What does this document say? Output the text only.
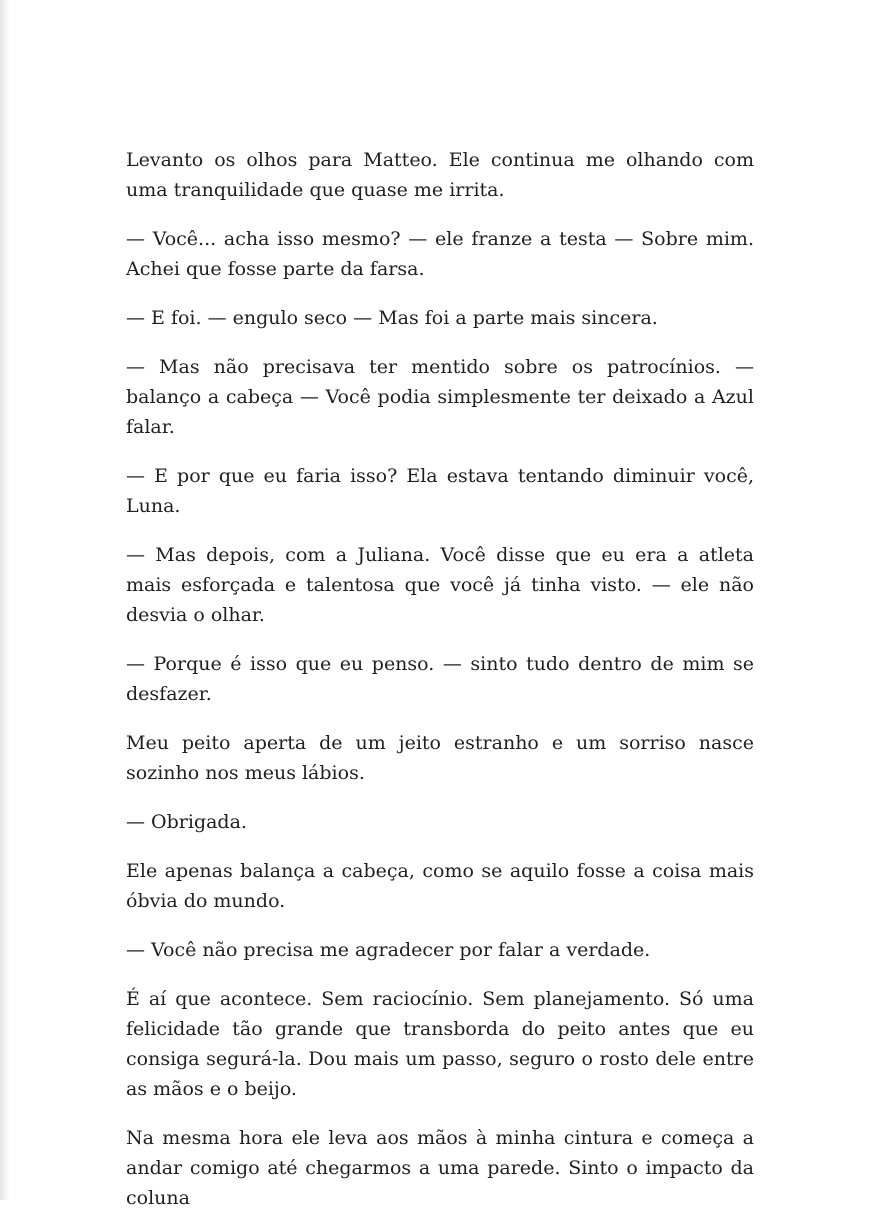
Levanto os olhos para Matteo. Ele continua me olhando com uma tranquilidade que quase me irrita.

— Você... acha isso mesmo? — ele franze a testa — Sobre mim. Achei que fosse parte da farsa.

— E foi. — engulo seco — Mas foi a parte mais sincera.

— Mas não precisava ter mentido sobre os patrocínios. — balanço a cabeça — Você podia simplesmente ter deixado a Azul falar.

— E por que eu faria isso? Ela estava tentando diminuir você, Luna.

— Mas depois, com a Juliana. Você disse que eu era a atleta mais esforçada e talentosa que você já tinha visto. — ele não desvia o olhar.

— Porque é isso que eu penso. — sinto tudo dentro de mim se desfazer.

Meu peito aperta de um jeito estranho e um sorriso nasce sozinho nos meus lábios.

— Obrigada.

Ele apenas balança a cabeça, como se aquilo fosse a coisa mais óbvia do mundo.

— Você não precisa me agradecer por falar a verdade.

É aí que acontece. Sem raciocínio. Sem planejamento. Só uma felicidade tão grande que transborda do peito antes que eu consiga segurá-la. Dou mais um passo, seguro o rosto dele entre as mãos e o beijo.

Na mesma hora ele leva aos mãos à minha cintura e começa a andar comigo até chegarmos a uma parede. Sinto o impacto da coluna
